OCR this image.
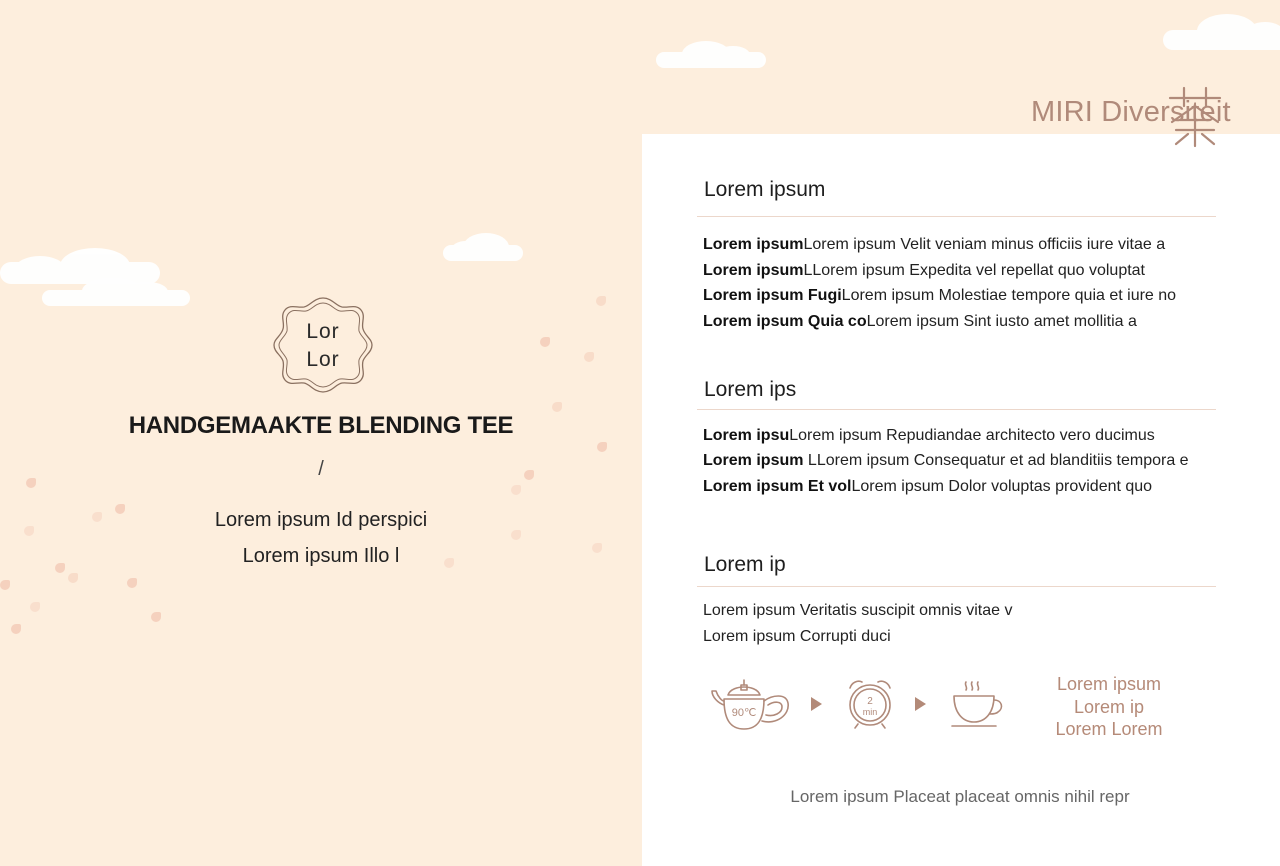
Lor
Lor
HANDGEMAAKTE BLENDING TEE
/
Lorem ipsum Id perspici
Lorem ipsum Illo l
MIRI Diversiteit
Lorem ipsum
Lorem ipsumLorem ipsum Velit veniam minus officiis iure vitae a
Lorem ipsumLLorem ipsum Expedita vel repellat quo voluptat
Lorem ipsum FugiLorem ipsum Molestiae tempore quia et iure no
Lorem ipsum Quia coLorem ipsum Sint iusto amet mollitia a
Lorem ips
Lorem ipsuLorem ipsum Repudiandae architecto vero ducimus
Lorem ipsum LLorem ipsum Consequatur et ad blanditiis tempora e
Lorem ipsum Et volLorem ipsum Dolor voluptas provident quo
Lorem ip
Lorem ipsum Veritatis suscipit omnis vitae v
Lorem ipsum Corrupti duci
90℃
2
min
Lorem ipsum
Lorem ip
Lorem Lorem
Lorem ipsum Placeat placeat omnis nihil repr
